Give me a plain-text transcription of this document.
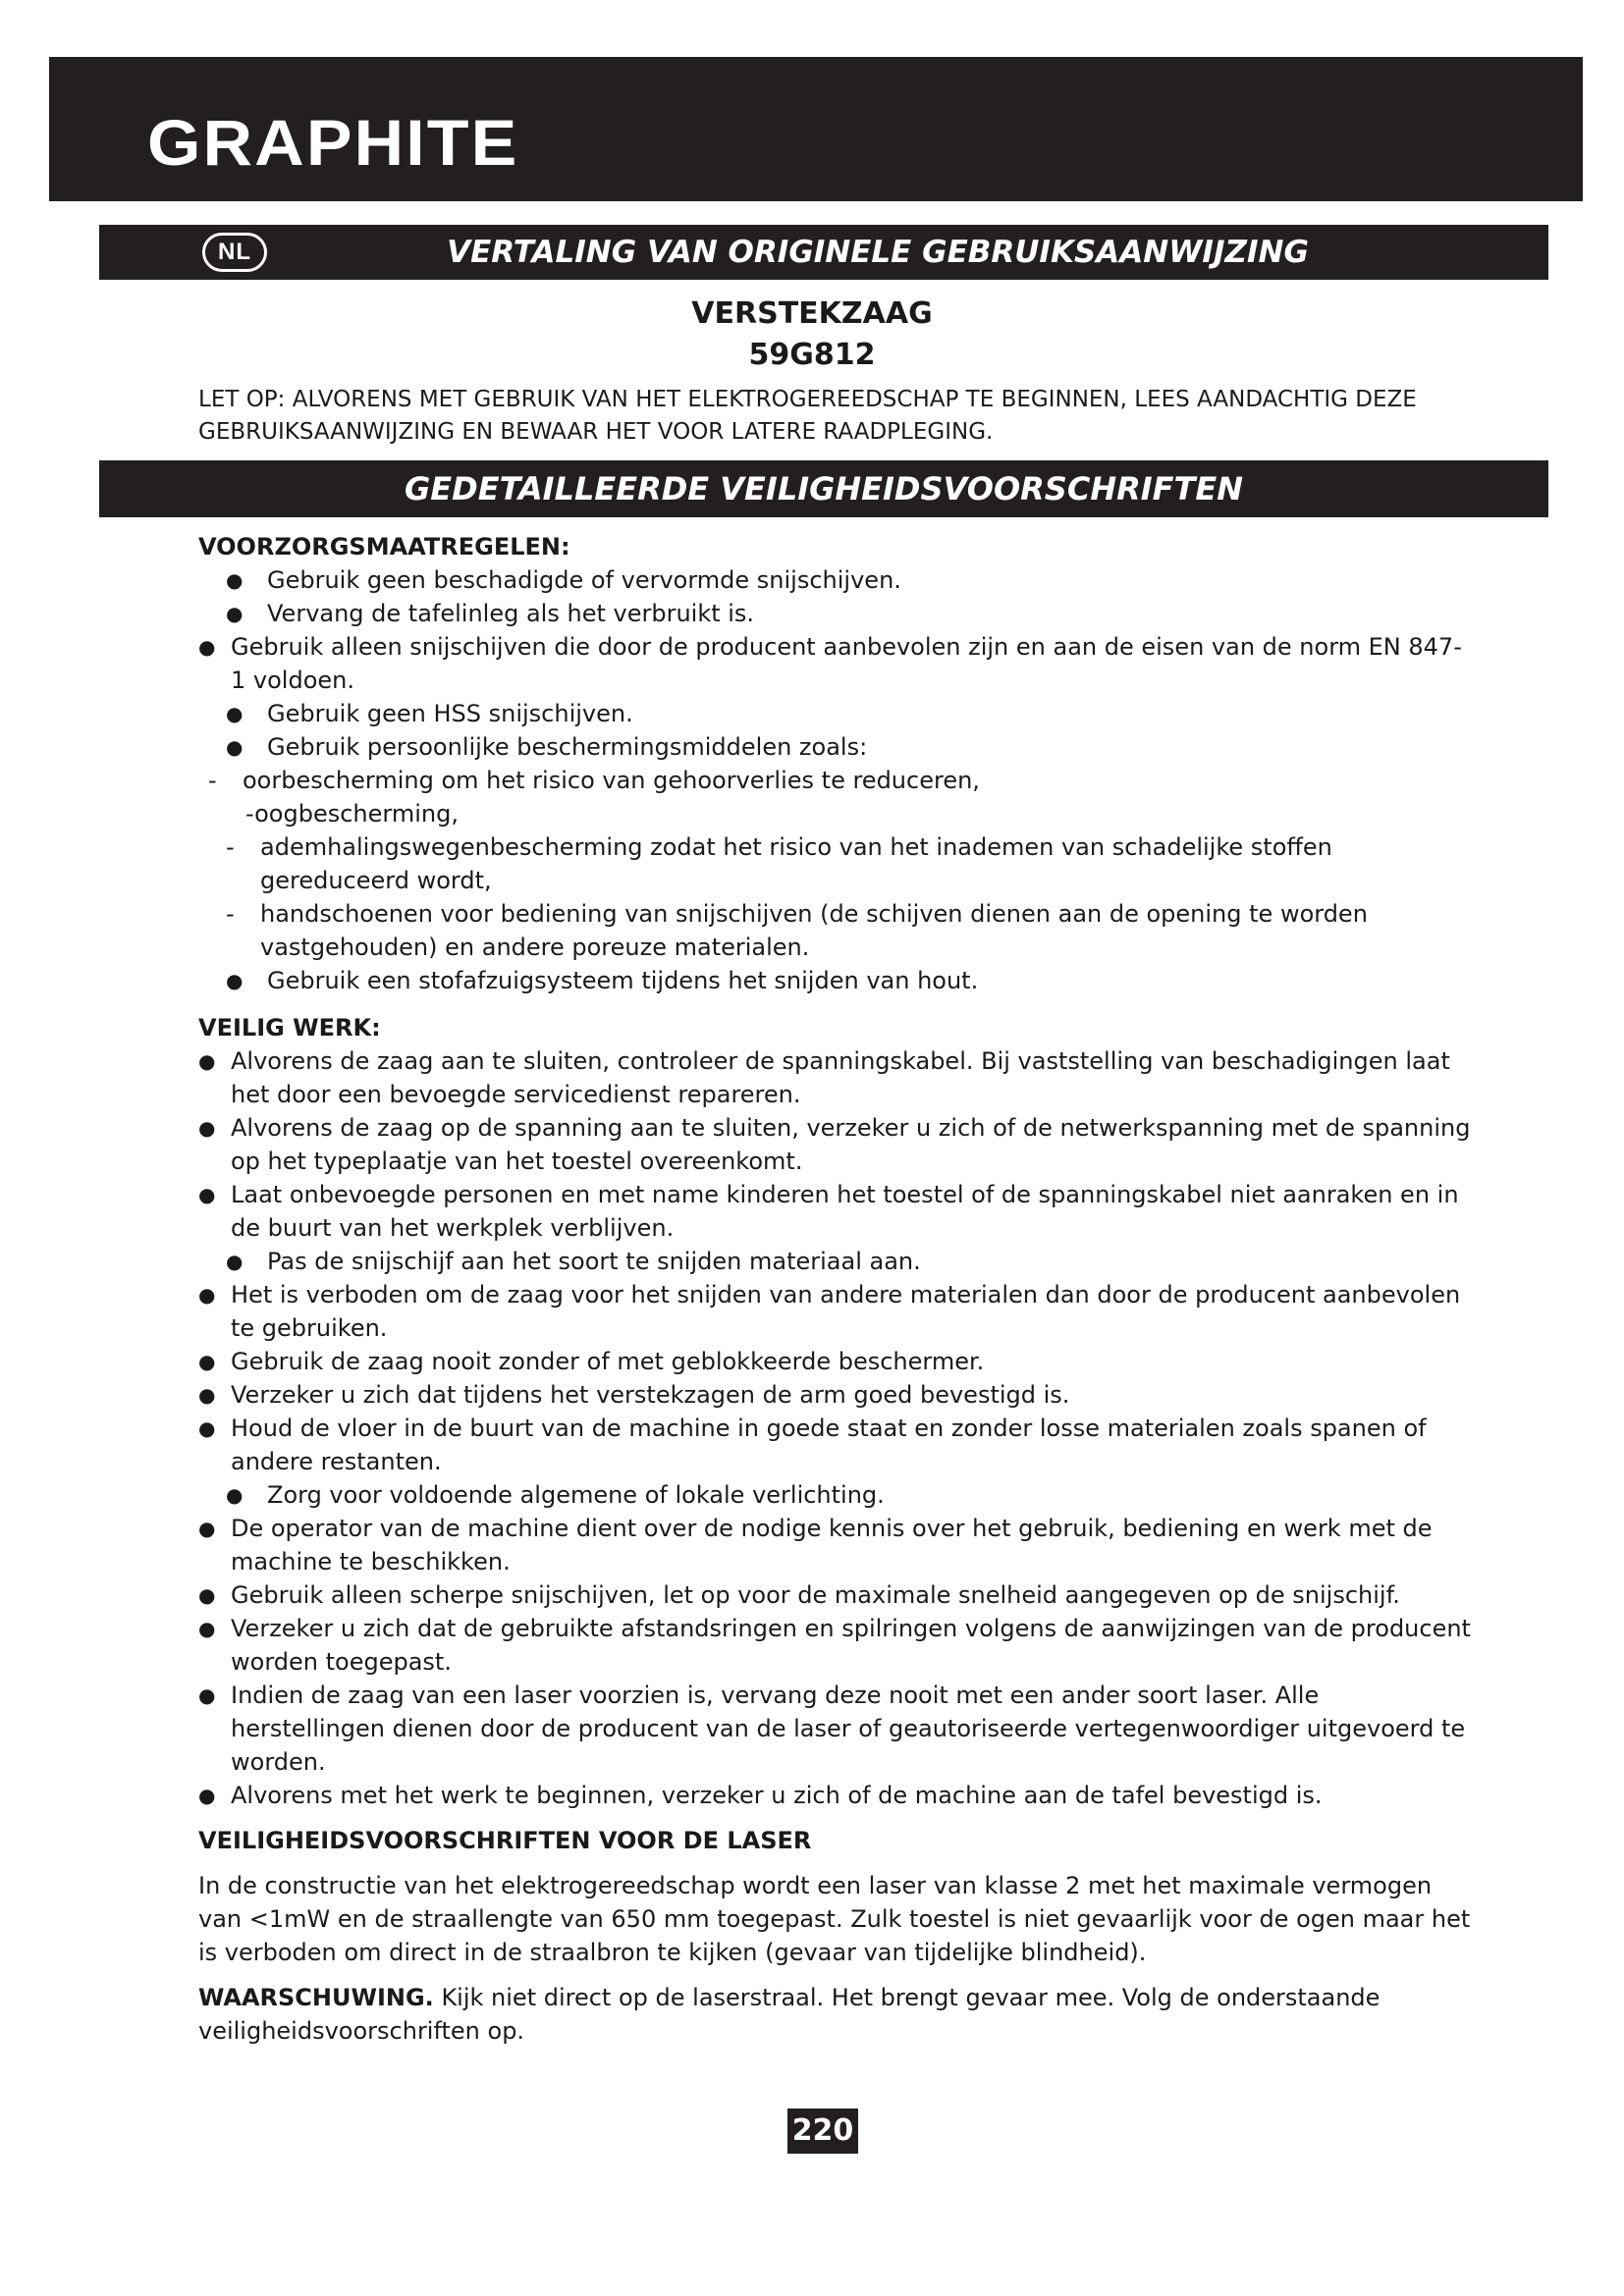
GRAPHITE
NL	VERTALING VAN ORIGINELE GEBRUIKSAANWIJZING
VERSTEKZAAG
59G812
LET OP: ALVORENS MET GEBRUIK VAN HET ELEKTROGEREEDSCHAP TE BEGINNEN, LEES AANDACHTIG DEZE GEBRUIKSAANWIJZING EN BEWAAR HET VOOR LATERE RAADPLEGING.
GEDETAILLEERDE VEILIGHEIDSVOORSCHRIFTEN
VOORZORGSMAATREGELEN:
● Gebruik geen beschadigde of vervormde snijschijven.
● Vervang de tafelinleg als het verbruikt is.
● Gebruik alleen snijschijven die door de producent aanbevolen zijn en aan de eisen van de norm EN 847-1 voldoen.
● Gebruik geen HSS snijschijven.
● Gebruik persoonlijke beschermingsmiddelen zoals:
- oorbescherming om het risico van gehoorverlies te reduceren,
-oogbescherming,
- ademhalingswegenbescherming zodat het risico van het inademen van schadelijke stoffen gereduceerd wordt,
- handschoenen voor bediening van snijschijven (de schijven dienen aan de opening te worden vastgehouden) en andere poreuze materialen.
● Gebruik een stofafzuigsysteem tijdens het snijden van hout.
VEILIG WERK:
● Alvorens de zaag aan te sluiten, controleer de spanningskabel. Bij vaststelling van beschadigingen laat het door een bevoegde servicedienst repareren.
● Alvorens de zaag op de spanning aan te sluiten, verzeker u zich of de netwerkspanning met de spanning op het typeplaatje van het toestel overeenkomt.
● Laat onbevoegde personen en met name kinderen het toestel of de spanningskabel niet aanraken en in de buurt van het werkplek verblijven.
● Pas de snijschijf aan het soort te snijden materiaal aan.
● Het is verboden om de zaag voor het snijden van andere materialen dan door de producent aanbevolen te gebruiken.
● Gebruik de zaag nooit zonder of met geblokkeerde beschermer.
● Verzeker u zich dat tijdens het verstekzagen de arm goed bevestigd is.
● Houd de vloer in de buurt van de machine in goede staat en zonder losse materialen zoals spanen of andere restanten.
● Zorg voor voldoende algemene of lokale verlichting.
● De operator van de machine dient over de nodige kennis over het gebruik, bediening en werk met de machine te beschikken.
● Gebruik alleen scherpe snijschijven, let op voor de maximale snelheid aangegeven op de snijschijf.
● Verzeker u zich dat de gebruikte afstandsringen en spilringen volgens de aanwijzingen van de producent worden toegepast.
● Indien de zaag van een laser voorzien is, vervang deze nooit met een ander soort laser. Alle herstellingen dienen door de producent van de laser of geautoriseerde vertegenwoordiger uitgevoerd te worden.
● Alvorens met het werk te beginnen, verzeker u zich of de machine aan de tafel bevestigd is.
VEILIGHEIDSVOORSCHRIFTEN VOOR DE LASER
In de constructie van het elektrogereedschap wordt een laser van klasse 2 met het maximale vermogen van <1mW en de straallengte van 650 mm toegepast. Zulk toestel is niet gevaarlijk voor de ogen maar het is verboden om direct in de straalbron te kijken (gevaar van tijdelijke blindheid).
WAARSCHUWING. Kijk niet direct op de laserstraal. Het brengt gevaar mee. Volg de onderstaande veiligheidsvoorschriften op.
220
